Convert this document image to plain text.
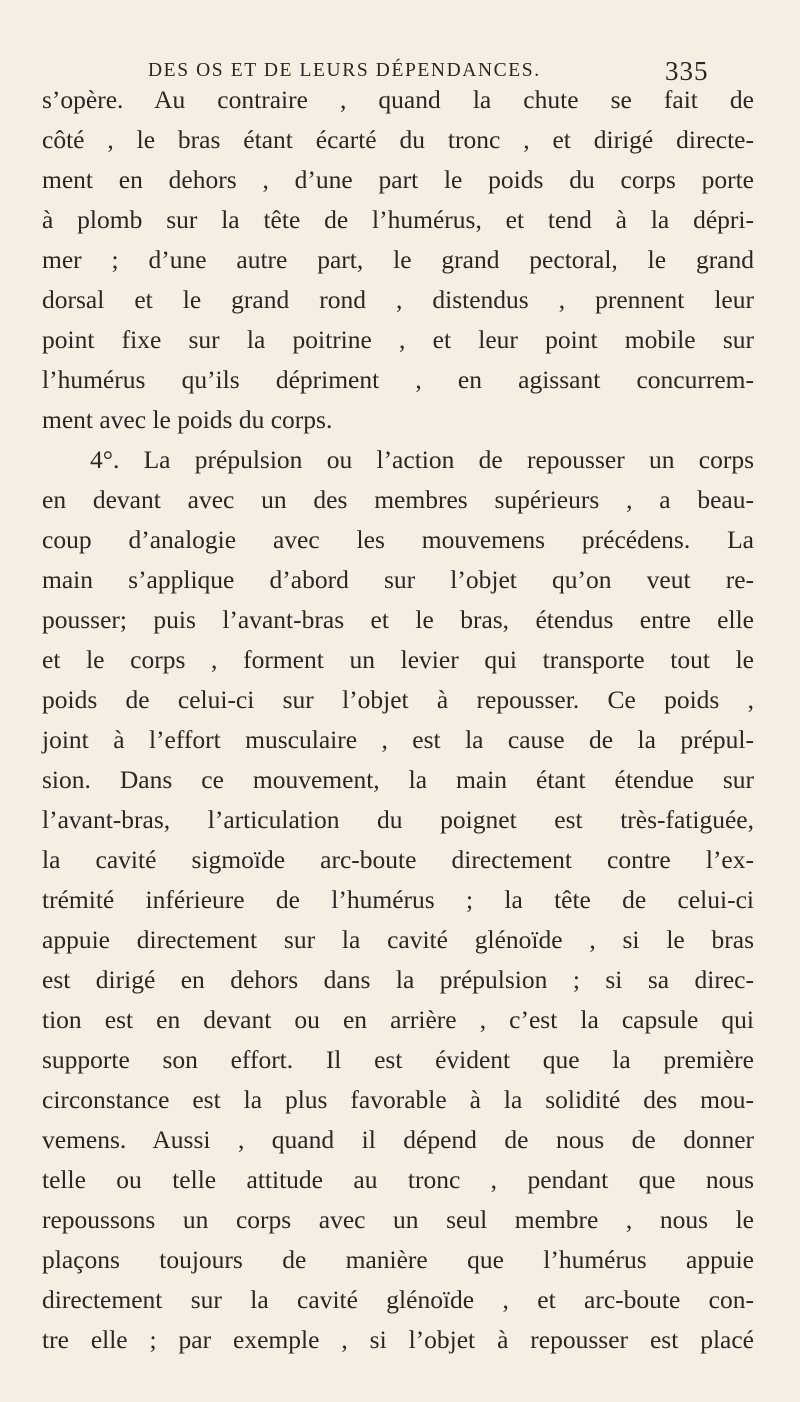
DES OS ET DE LEURS DÉPENDANCES.	335
s’opère. Au contraire , quand la chute se fait de
côté , le bras étant écarté du tronc , et dirigé directe-
ment en dehors , d’une part le poids du corps porte
à plomb sur la tête de l’humérus, et tend à la dépri-
mer ; d’une autre part, le grand pectoral, le grand
dorsal et le grand rond , distendus , prennent leur
point fixe sur la poitrine , et leur point mobile sur
l’humérus qu’ils dépriment , en agissant concurrem-
ment avec le poids du corps.
4°. La prépulsion ou l’action de repousser un corps
en devant avec un des membres supérieurs , a beau-
coup d’analogie avec les mouvemens précédens. La
main s’applique d’abord sur l’objet qu’on veut re-
pousser; puis l’avant-bras et le bras, étendus entre elle
et le corps , forment un levier qui transporte tout le
poids de celui-ci sur l’objet à repousser. Ce poids ,
joint à l’effort musculaire , est la cause de la prépul-
sion. Dans ce mouvement, la main étant étendue sur
l’avant-bras, l’articulation du poignet est très-fatiguée,
la cavité sigmoïde arc-boute directement contre l’ex-
trémité inférieure de l’humérus ; la tête de celui-ci
appuie directement sur la cavité glénoïde , si le bras
est dirigé en dehors dans la prépulsion ; si sa direc-
tion est en devant ou en arrière , c’est la capsule qui
supporte son effort. Il est évident que la première
circonstance est la plus favorable à la solidité des mou-
vemens. Aussi , quand il dépend de nous de donner
telle ou telle attitude au tronc , pendant que nous
repoussons un corps avec un seul membre , nous le
plaçons toujours de manière que l’humérus appuie
directement sur la cavité glénoïde , et arc-boute con-
tre elle ; par exemple , si l’objet à repousser est placé
